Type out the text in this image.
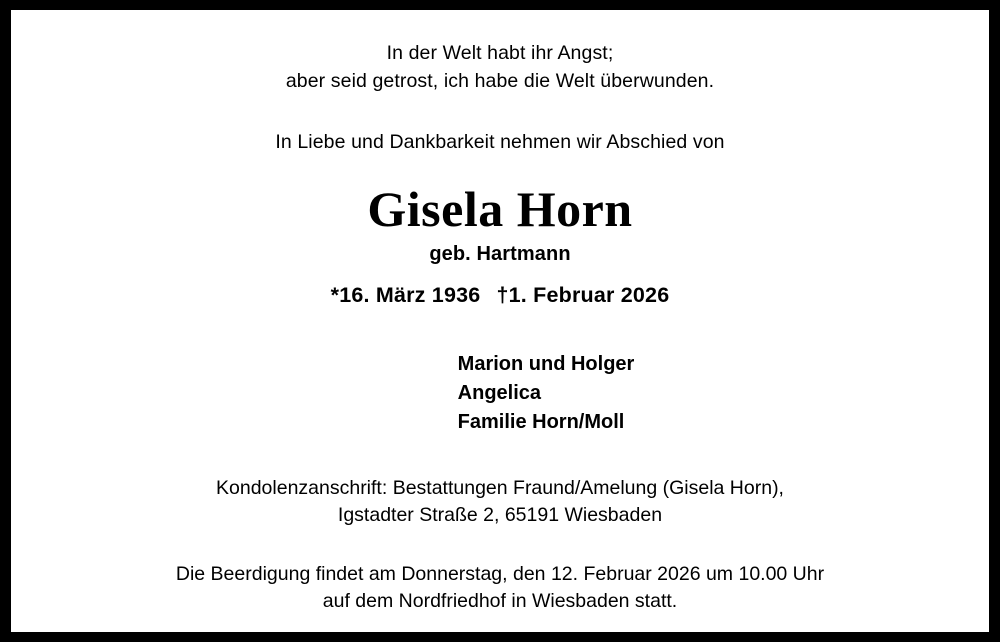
In der Welt habt ihr Angst;
aber seid getrost, ich habe die Welt überwunden.
In Liebe und Dankbarkeit nehmen wir Abschied von
Gisela Horn
geb. Hartmann
*16. März 1936 †1. Februar 2026
Marion und Holger
Angelica
Familie Horn/Moll
Kondolenzanschrift: Bestattungen Fraund/Amelung (Gisela Horn),
Igstadter Straße 2, 65191 Wiesbaden
Die Beerdigung findet am Donnerstag, den 12. Februar 2026 um 10.00 Uhr
auf dem Nordfriedhof in Wiesbaden statt.
